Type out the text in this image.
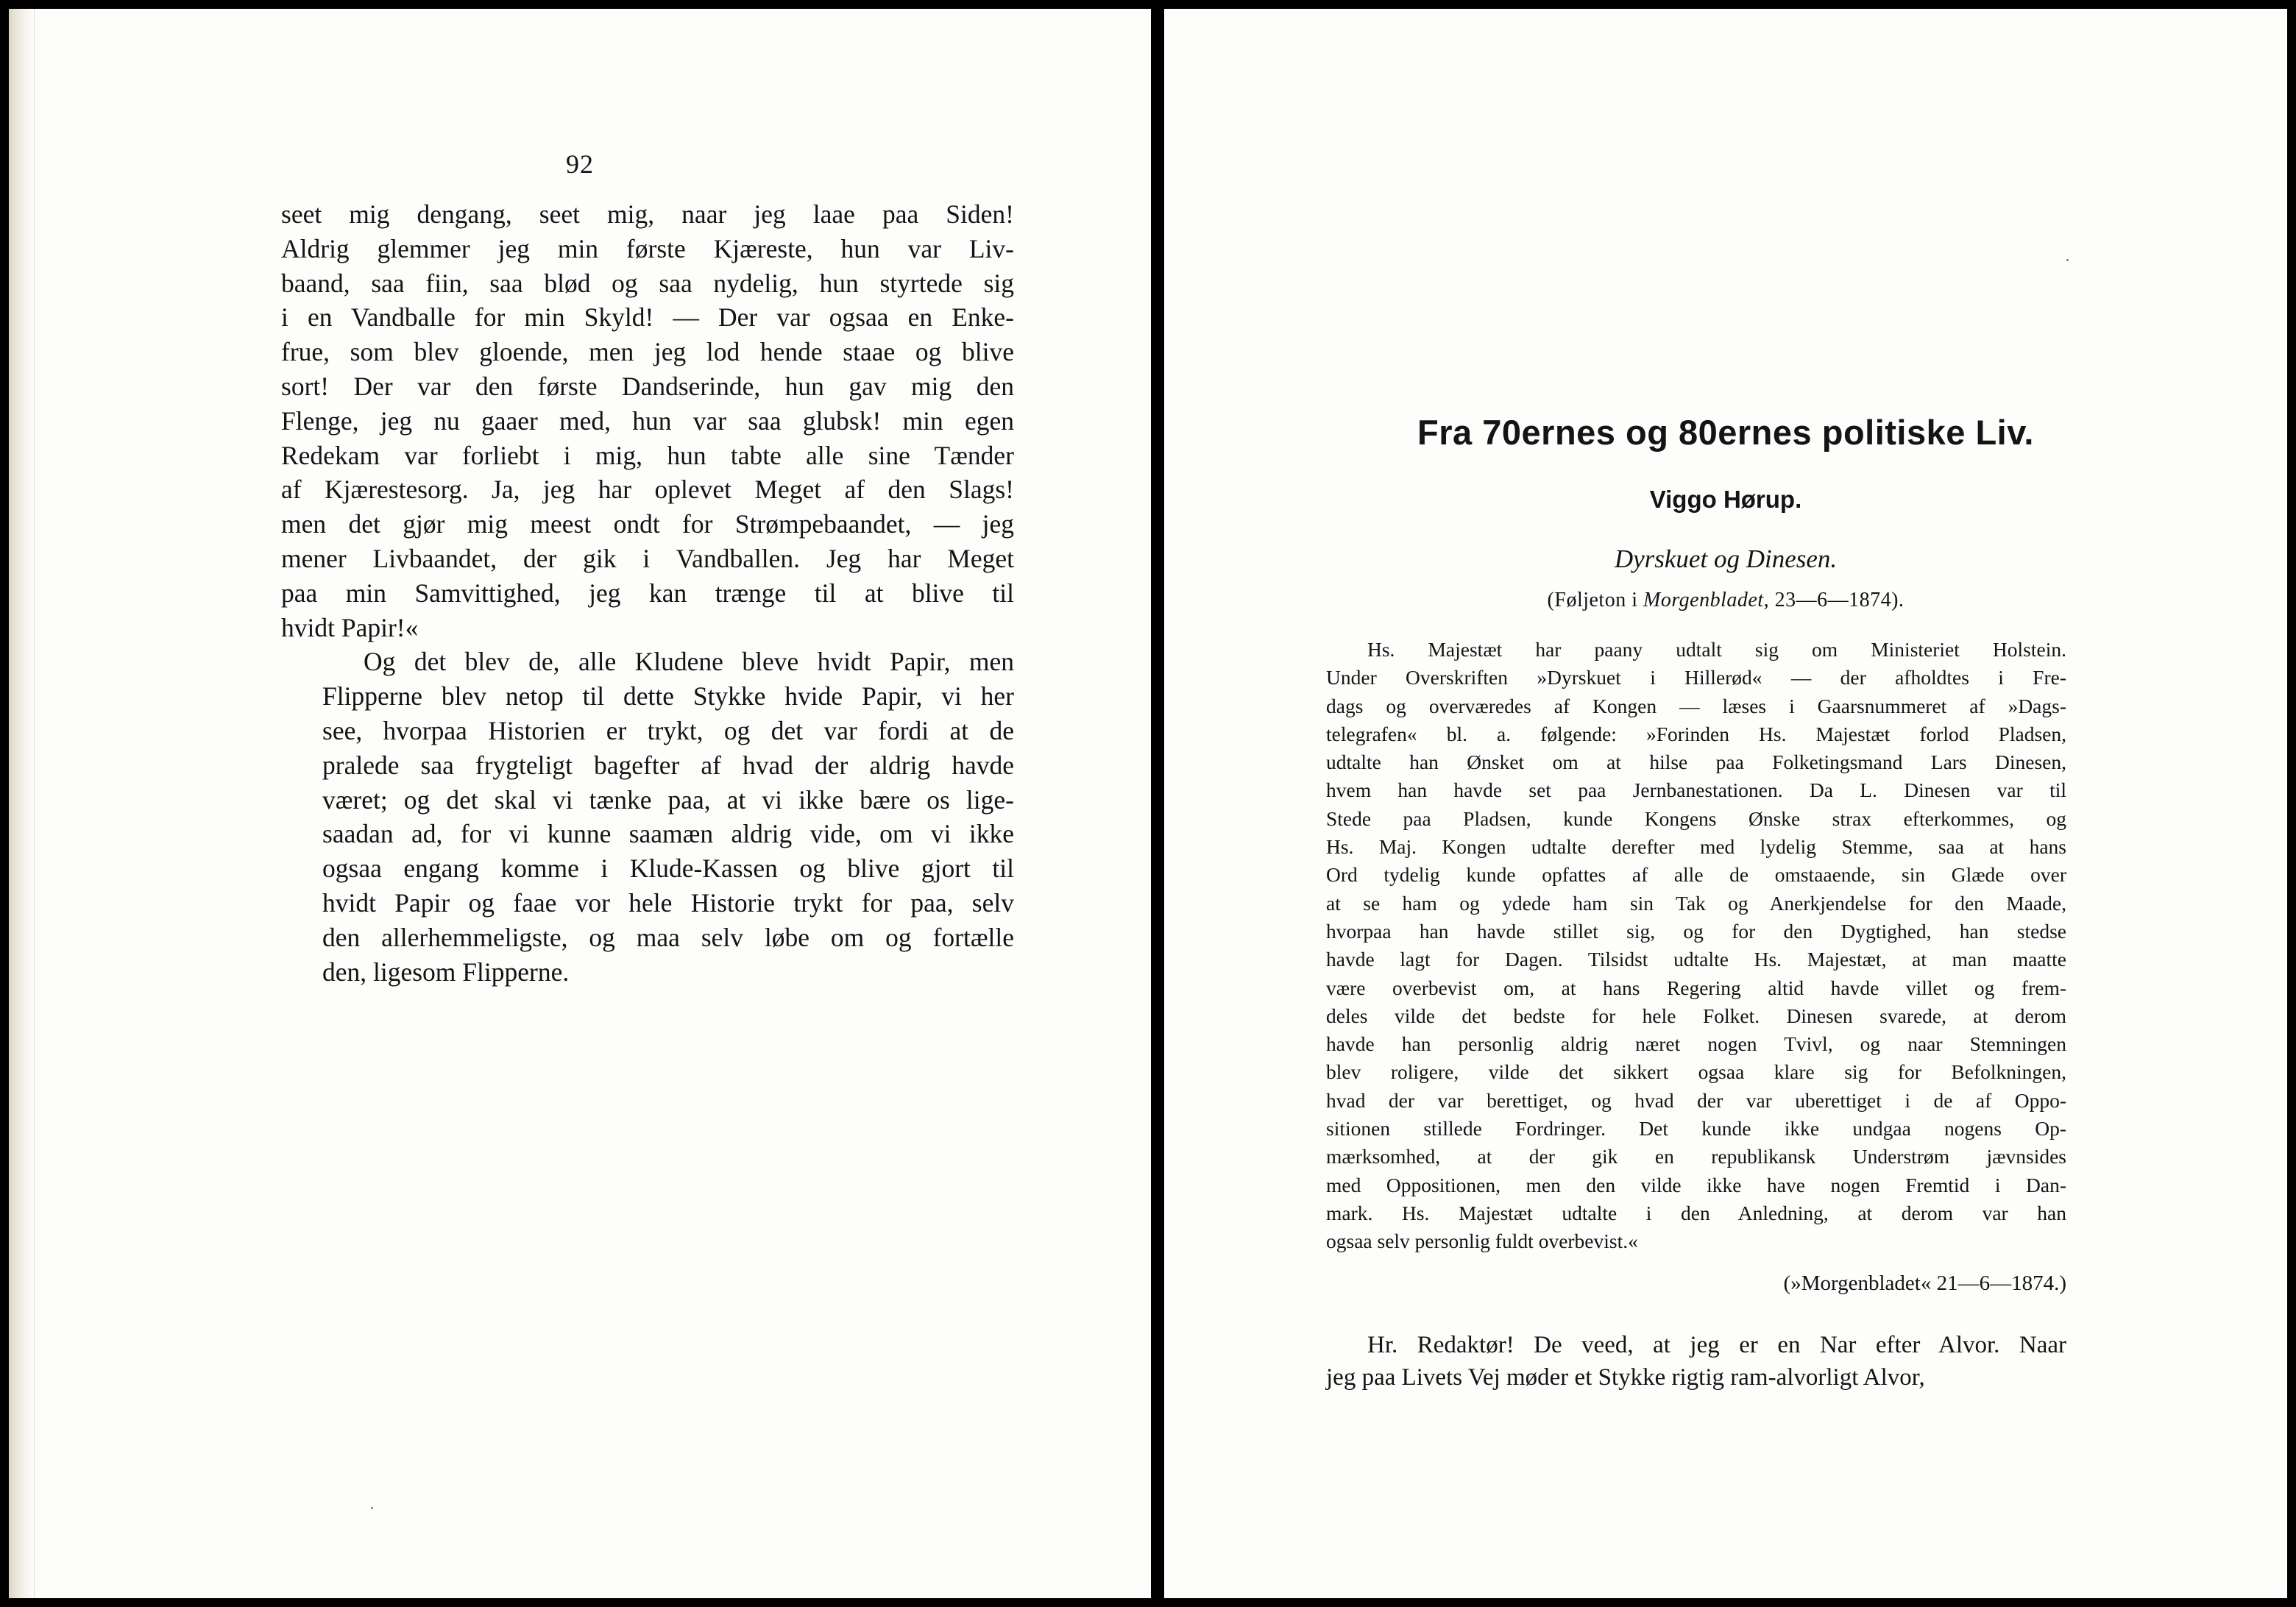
92

seet mig dengang, seet mig, naar jeg laae paa Siden!
Aldrig glemmer jeg min første Kjæreste, hun var Liv-
baand, saa fiin, saa blød og saa nydelig, hun styrtede sig
i en Vandballe for min Skyld! — Der var ogsaa en Enke-
frue, som blev gloende, men jeg lod hende staae og blive
sort! Der var den første Dandserinde, hun gav mig den
Flenge, jeg nu gaaer med, hun var saa glubsk! min egen
Redekam var forliebt i mig, hun tabte alle sine Tænder
af Kjærestesorg. Ja, jeg har oplevet Meget af den Slags!
men det gjør mig meest ondt for Strømpebaandet, — jeg
mener Livbaandet, der gik i Vandballen. Jeg har Meget
paa min Samvittighed, jeg kan trænge til at blive til
hvidt Papir!«

Og det blev de, alle Kludene bleve hvidt Papir, men
Flipperne blev netop til dette Stykke hvide Papir, vi her
see, hvorpaa Historien er trykt, og det var fordi at de
pralede saa frygteligt bagefter af hvad der aldrig havde
været; og det skal vi tænke paa, at vi ikke bære os lige-
saadan ad, for vi kunne saamæn aldrig vide, om vi ikke
ogsaa engang komme i Klude-Kassen og blive gjort til
hvidt Papir og faae vor hele Historie trykt for paa, selv
den allerhemmeligste, og maa selv løbe om og fortælle
den, ligesom Flipperne.

Fra 70ernes og 80ernes politiske Liv.
Viggo Hørup.
Dyrskuet og Dinesen.
(Føljeton i Morgenbladet, 23—6—1874).

Hs. Majestæt har paany udtalt sig om Ministeriet Holstein.
Under Overskriften »Dyrskuet i Hillerød« — der afholdtes i Fre-
dags og overværedes af Kongen — læses i Gaarsnummeret af »Dags-
telegrafen« bl. a. følgende: »Forinden Hs. Majestæt forlod Pladsen,
udtalte han Ønsket om at hilse paa Folketingsmand Lars Dinesen,
hvem han havde set paa Jernbanestationen. Da L. Dinesen var til
Stede paa Pladsen, kunde Kongens Ønske strax efterkommes, og
Hs. Maj. Kongen udtalte derefter med lydelig Stemme, saa at hans
Ord tydelig kunde opfattes af alle de omstaaende, sin Glæde over
at se ham og ydede ham sin Tak og Anerkjendelse for den Maade,
hvorpaa han havde stillet sig, og for den Dygtighed, han stedse
havde lagt for Dagen. Tilsidst udtalte Hs. Majestæt, at man maatte
være overbevist om, at hans Regering altid havde villet og frem-
deles vilde det bedste for hele Folket. Dinesen svarede, at derom
havde han personlig aldrig næret nogen Tvivl, og naar Stemningen
blev roligere, vilde det sikkert ogsaa klare sig for Befolkningen,
hvad der var berettiget, og hvad der var uberettiget i de af Oppo-
sitionen stillede Fordringer. Det kunde ikke undgaa nogens Op-
mærksomhed, at der gik en republikansk Understrøm jævnsides
med Oppositionen, men den vilde ikke have nogen Fremtid i Dan-
mark. Hs. Majestæt udtalte i den Anledning, at derom var han
ogsaa selv personlig fuldt overbevist.«

(»Morgenbladet« 21—6—1874.)

Hr. Redaktør! De veed, at jeg er en Nar efter Alvor. Naar
jeg paa Livets Vej møder et Stykke rigtig ram-alvorligt Alvor,
